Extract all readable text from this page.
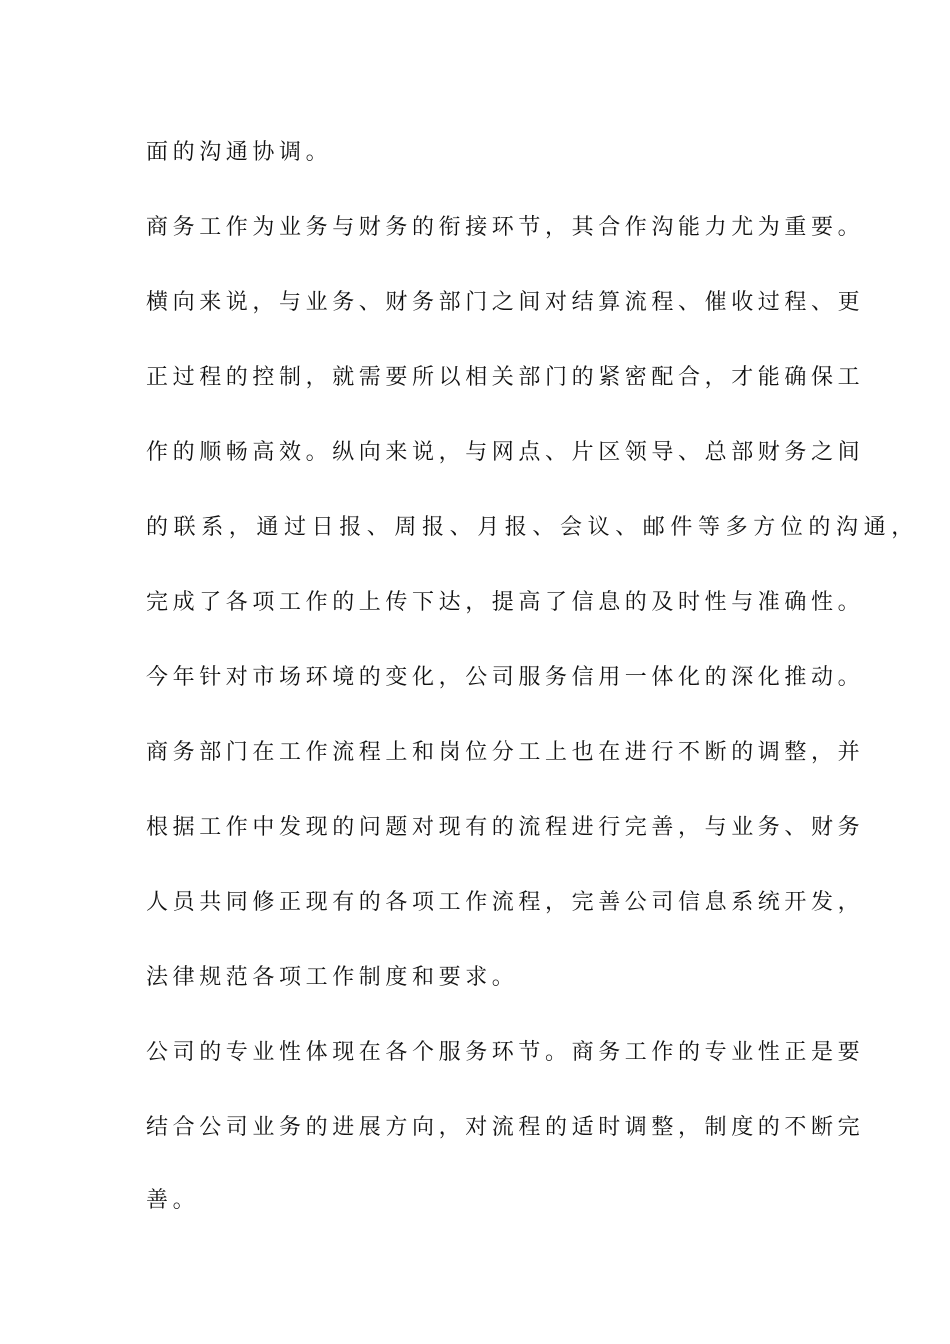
面的沟通协调。

商务工作为业务与财务的衔接环节，其合作沟能力尤为重要。

横向来说，与业务、财务部门之间对结算流程、催收过程、更

正过程的控制，就需要所以相关部门的紧密配合，才能确保工

作的顺畅高效。纵向来说，与网点、片区领导、总部财务之间

的联系，通过日报、周报、月报、会议、邮件等多方位的沟通，

完成了各项工作的上传下达，提高了信息的及时性与准确性。

今年针对市场环境的变化，公司服务信用一体化的深化推动。

商务部门在工作流程上和岗位分工上也在进行不断的调整，并

根据工作中发现的问题对现有的流程进行完善，与业务、财务

人员共同修正现有的各项工作流程，完善公司信息系统开发，

法律规范各项工作制度和要求。

公司的专业性体现在各个服务环节。商务工作的专业性正是要

结合公司业务的进展方向，对流程的适时调整，制度的不断完

善。
